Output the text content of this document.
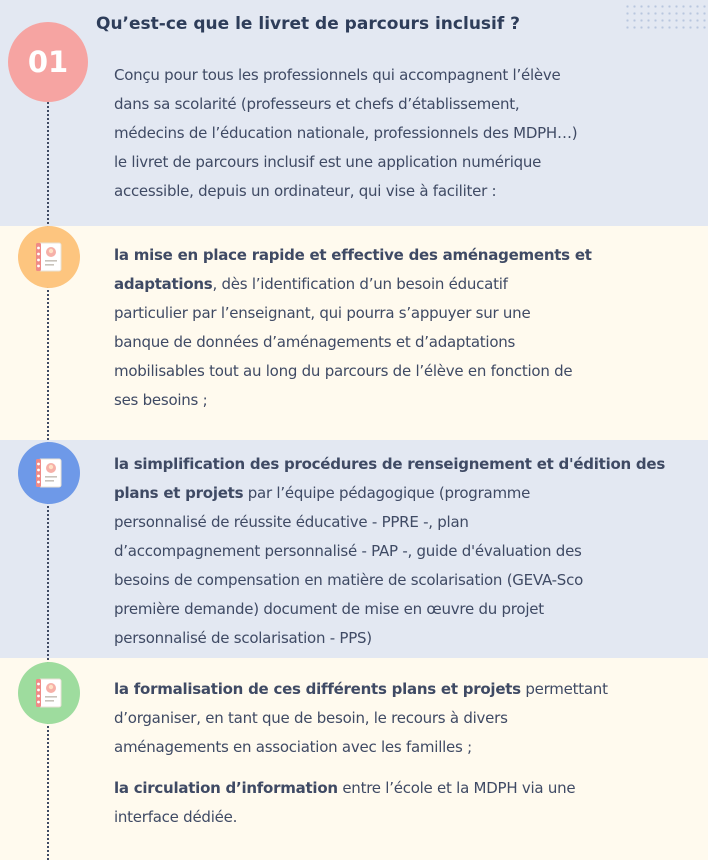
01
Qu’est-ce que le livret de parcours inclusif ?

Conçu pour tous les professionnels qui accompagnent l’élève
dans sa scolarité (professeurs et chefs d’établissement,
médecins de l’éducation nationale, professionnels des MDPH…)
le livret de parcours inclusif est une application numérique
accessible, depuis un ordinateur, qui vise à faciliter :

la mise en place rapide et effective des aménagements et
adaptations, dès l’identification d’un besoin éducatif
particulier par l’enseignant, qui pourra s’appuyer sur une
banque de données d’aménagements et d’adaptations
mobilisables tout au long du parcours de l’élève en fonction de
ses besoins ;

la simplification des procédures de renseignement et d'édition des
plans et projets par l’équipe pédagogique (programme
personnalisé de réussite éducative - PPRE -, plan
d’accompagnement personnalisé - PAP -, guide d'évaluation des
besoins de compensation en matière de scolarisation (GEVA-Sco
première demande) document de mise en œuvre du projet
personnalisé de scolarisation - PPS)

la formalisation de ces différents plans et projets permettant
d’organiser, en tant que de besoin, le recours à divers
aménagements en association avec les familles ;

la circulation d’information entre l’école et la MDPH via une
interface dédiée.
